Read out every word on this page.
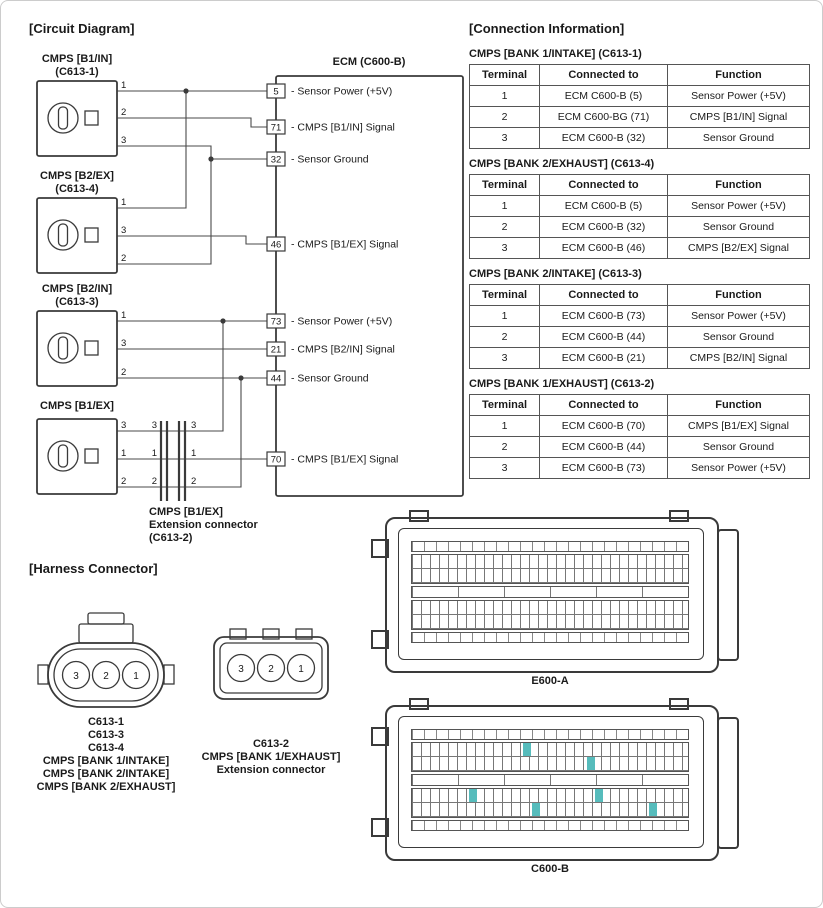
[Circuit Diagram]
ECM (C600-B)
CMPS [B1/IN]
(C613-1)
1
2
3
CMPS [B2/EX]
(C613-4)
1
3
2
CMPS [B2/IN]
(C613-3)
1
3
2
CMPS [B1/EX]
3
1
2
3
1
2
3
1
2
CMPS [B1/EX]
Extension connector
(C613-2)
5 - Sensor Power (+5V)
71 - CMPS [B1/IN] Signal
32 - Sensor Ground
46 - CMPS [B1/EX] Signal
73 - Sensor Power (+5V)
21 - CMPS [B2/IN] Signal
44 - Sensor Ground
70 - CMPS [B1/EX] Signal
[Connection Information]
CMPS [BANK 1/INTAKE] (C613-1)
Terminal	Connected to	Function
1	ECM C600-B (5)	Sensor Power (+5V)
2	ECM C600-BG (71)	CMPS [B1/IN] Signal
3	ECM C600-B (32)	Sensor Ground
CMPS [BANK 2/EXHAUST] (C613-4)
Terminal	Connected to	Function
1	ECM C600-B (5)	Sensor Power (+5V)
2	ECM C600-B (32)	Sensor Ground
3	ECM C600-B (46)	CMPS [B2/EX] Signal
CMPS [BANK 2/INTAKE] (C613-3)
Terminal	Connected to	Function
1	ECM C600-B (73)	Sensor Power (+5V)
2	ECM C600-B (44)	Sensor Ground
3	ECM C600-B (21)	CMPS [B2/IN] Signal
CMPS [BANK 1/EXHAUST] (C613-2)
Terminal	Connected to	Function
1	ECM C600-B (70)	CMPS [B1/EX] Signal
2	ECM C600-B (44)	Sensor Ground
3	ECM C600-B (73)	Sensor Power (+5V)
[Harness Connector]
3 2 1
C613-1
C613-3
C613-4
CMPS [BANK 1/INTAKE]
CMPS [BANK 2/INTAKE]
CMPS [BANK 2/EXHAUST]
3 2 1
C613-2
CMPS [BANK 1/EXHAUST]
Extension connector
E600-A
C600-B
